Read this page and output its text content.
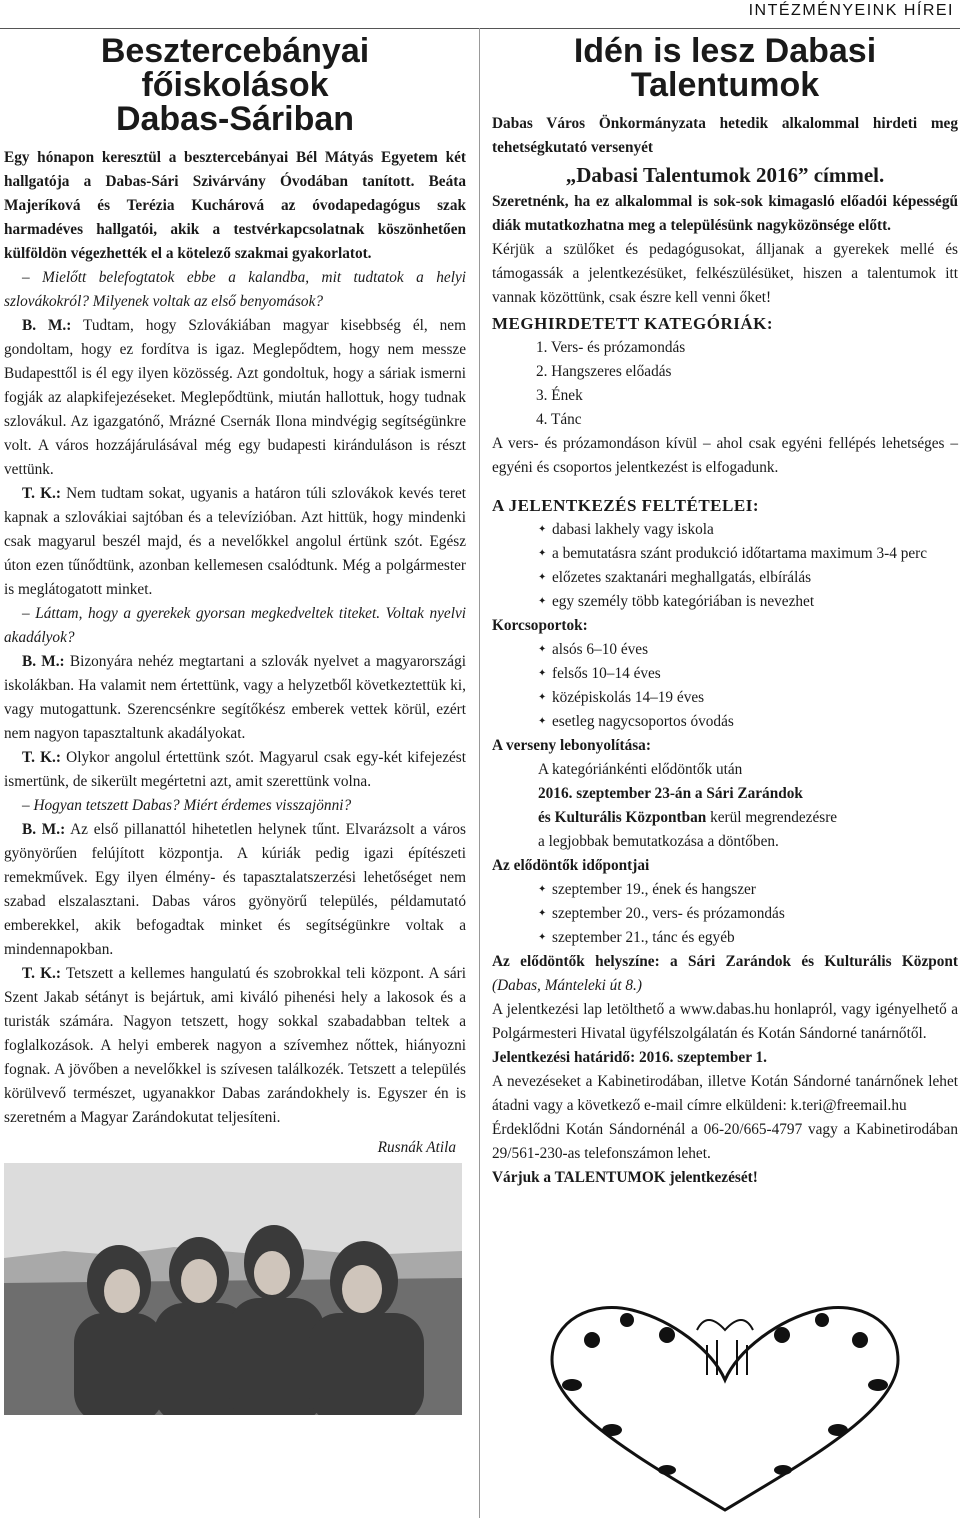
INTÉZMÉNYEINK HÍREI
Besztercebányai főiskolások
Dabas-Sáriban

Egy hónapon keresztül a besztercebányai Bél Mátyás Egyetem két hallgatója a Dabas-Sári Szivárvány Óvodában tanított. Beáta Majeríková és Terézia Kuchárová az óvodapedagógus szak harmadéves hallgatói, akik a testvérkapcsolatnak köszönhetően külföldön végezhették el a kötelező szakmai gyakorlatot.

– Mielőtt belefogtatok ebbe a kalandba, mit tudtatok a helyi szlovákokról? Milyenek voltak az első benyomások?

B. M.: Tudtam, hogy Szlovákiában magyar kisebbség él, nem gondoltam, hogy ez fordítva is igaz. Meglepődtem, hogy nem messze Budapesttől is él egy ilyen közösség. Azt gondoltuk, hogy a sáriak ismerni fogják az alapkifejezéseket. Meglepődtünk, miután hallottuk, hogy tudnak szlovákul. Az igazgatónő, Mrázné Csernák Ilona mindvégig segítségünkre volt. A város hozzájárulásával még egy budapesti kiránduláson is részt vettünk.

T. K.: Nem tudtam sokat, ugyanis a határon túli szlovákok kevés teret kapnak a szlovákiai sajtóban és a televízióban. Azt hittük, hogy mindenki csak magyarul beszél majd, és a nevelőkkel angolul értünk szót. Egész úton ezen tűnődtünk, azonban kellemesen csalódtunk. Még a polgármester is meglátogatott minket.

– Láttam, hogy a gyerekek gyorsan megkedveltek titeket. Voltak nyelvi akadályok?

B. M.: Bizonyára nehéz megtartani a szlovák nyelvet a magyarországi iskolákban. Ha valamit nem értettünk, vagy a helyzetből következtettük ki, vagy mutogattunk. Szerencsénkre segítőkész emberek vettek körül, ezért nem nagyon tapasztaltunk akadályokat.

T. K.: Olykor angolul értettünk szót. Magyarul csak egy-két kifejezést ismertünk, de sikerült megértetni azt, amit szerettünk volna.

– Hogyan tetszett Dabas? Miért érdemes visszajönni?

B. M.: Az első pillanattól hihetetlen helynek tűnt. Elvarázsolt a város gyönyörűen felújított központja. A kúriák pedig igazi építészeti remekművek. Egy ilyen élmény- és tapasztalatszerzési lehetőséget nem szabad elszalasztani. Dabas város gyönyörű település, példamutató emberekkel, akik befogadtak minket és segítségünkre voltak a mindennapokban.

T. K.: Tetszett a kellemes hangulatú és szobrokkal teli központ. A sári Szent Jakab sétányt is bejártuk, ami kiváló pihenési hely a lakosok és a turisták számára. Nagyon tetszett, hogy sokkal szabadabban teltek a foglalkozások. A helyi emberek nagyon a szívemhez nőttek, hiányozni fognak. A jövőben a nevelőkkel is szívesen találkozék. Tetszett a település körülvevő természet, ugyanakkor Dabas zarándokhely is. Egyszer én is szeretném a Magyar Zarándokutat teljesíteni.

Rusnák Atila

Idén is lesz Dabasi Talentumok

Dabas Város Önkormányzata hetedik alkalommal hirdeti meg tehetségkutató versenyét

„Dabasi Talentumok 2016” címmel.

Szeretnénk, ha ez alkalommal is sok-sok kimagasló előadói képességű diák mutatkozhatna meg a településünk nagyközönsége előtt.

Kérjük a szülőket és pedagógusokat, álljanak a gyerekek mellé és támogassák a jelentkezésüket, felkészülésüket, hiszen a talentumok itt vannak közöttünk, csak észre kell venni őket!

MEGHIRDETETT KATEGÓRIÁK:

1. Vers- és prózamondás
2. Hangszeres előadás
3. Ének
4. Tánc

A vers- és prózamondáson kívül – ahol csak egyéni fellépés lehetséges – egyéni és csoportos jelentkezést is elfogadunk.

A JELENTKEZÉS FELTÉTELEI:

✦ dabasi lakhely vagy iskola
✦ a bemutatásra szánt produkció időtartama maximum 3-4 perc
✦ előzetes szaktanári meghallgatás, elbírálás
✦ egy személy több kategóriában is nevezhet

Korcsoportok:

✦ alsós 6–10 éves
✦ felsős 10–14 éves
✦ középiskolás 14–19 éves
✦ esetleg nagycsoportos óvodás

A verseny lebonyolítása:

A kategóriánkénti elődöntők után

2016. szeptember 23-án a Sári Zarándok

és Kulturális Központban kerül megrendezésre

a legjobbak bemutatkozása a döntőben.

Az elődöntők időpontjai

✦ szeptember 19., ének és hangszer
✦ szeptember 20., vers- és prózamondás
✦ szeptember 21., tánc és egyéb

Az elődöntők helyszíne: a Sári Zarándok és Kulturális Központ (Dabas, Mánteleki út 8.)

A jelentkezési lap letölthető a www.dabas.hu honlapról, vagy igényelhető a Polgármesteri Hivatal ügyfélszolgálatán és Kotán Sándorné tanárnőtől.

Jelentkezési határidő: 2016. szeptember 1.

A nevezéseket a Kabinetirodában, illetve Kotán Sándorné tanárnőnek lehet átadni vagy a következő e-mail címre elküldeni: k.teri@freemail.hu

Érdeklődni Kotán Sándornénál a 06-20/665-4797 vagy a Kabinetirodában 29/561-230-as telefonszámon lehet.

Várjuk a TALENTUMOK jelentkezését!
